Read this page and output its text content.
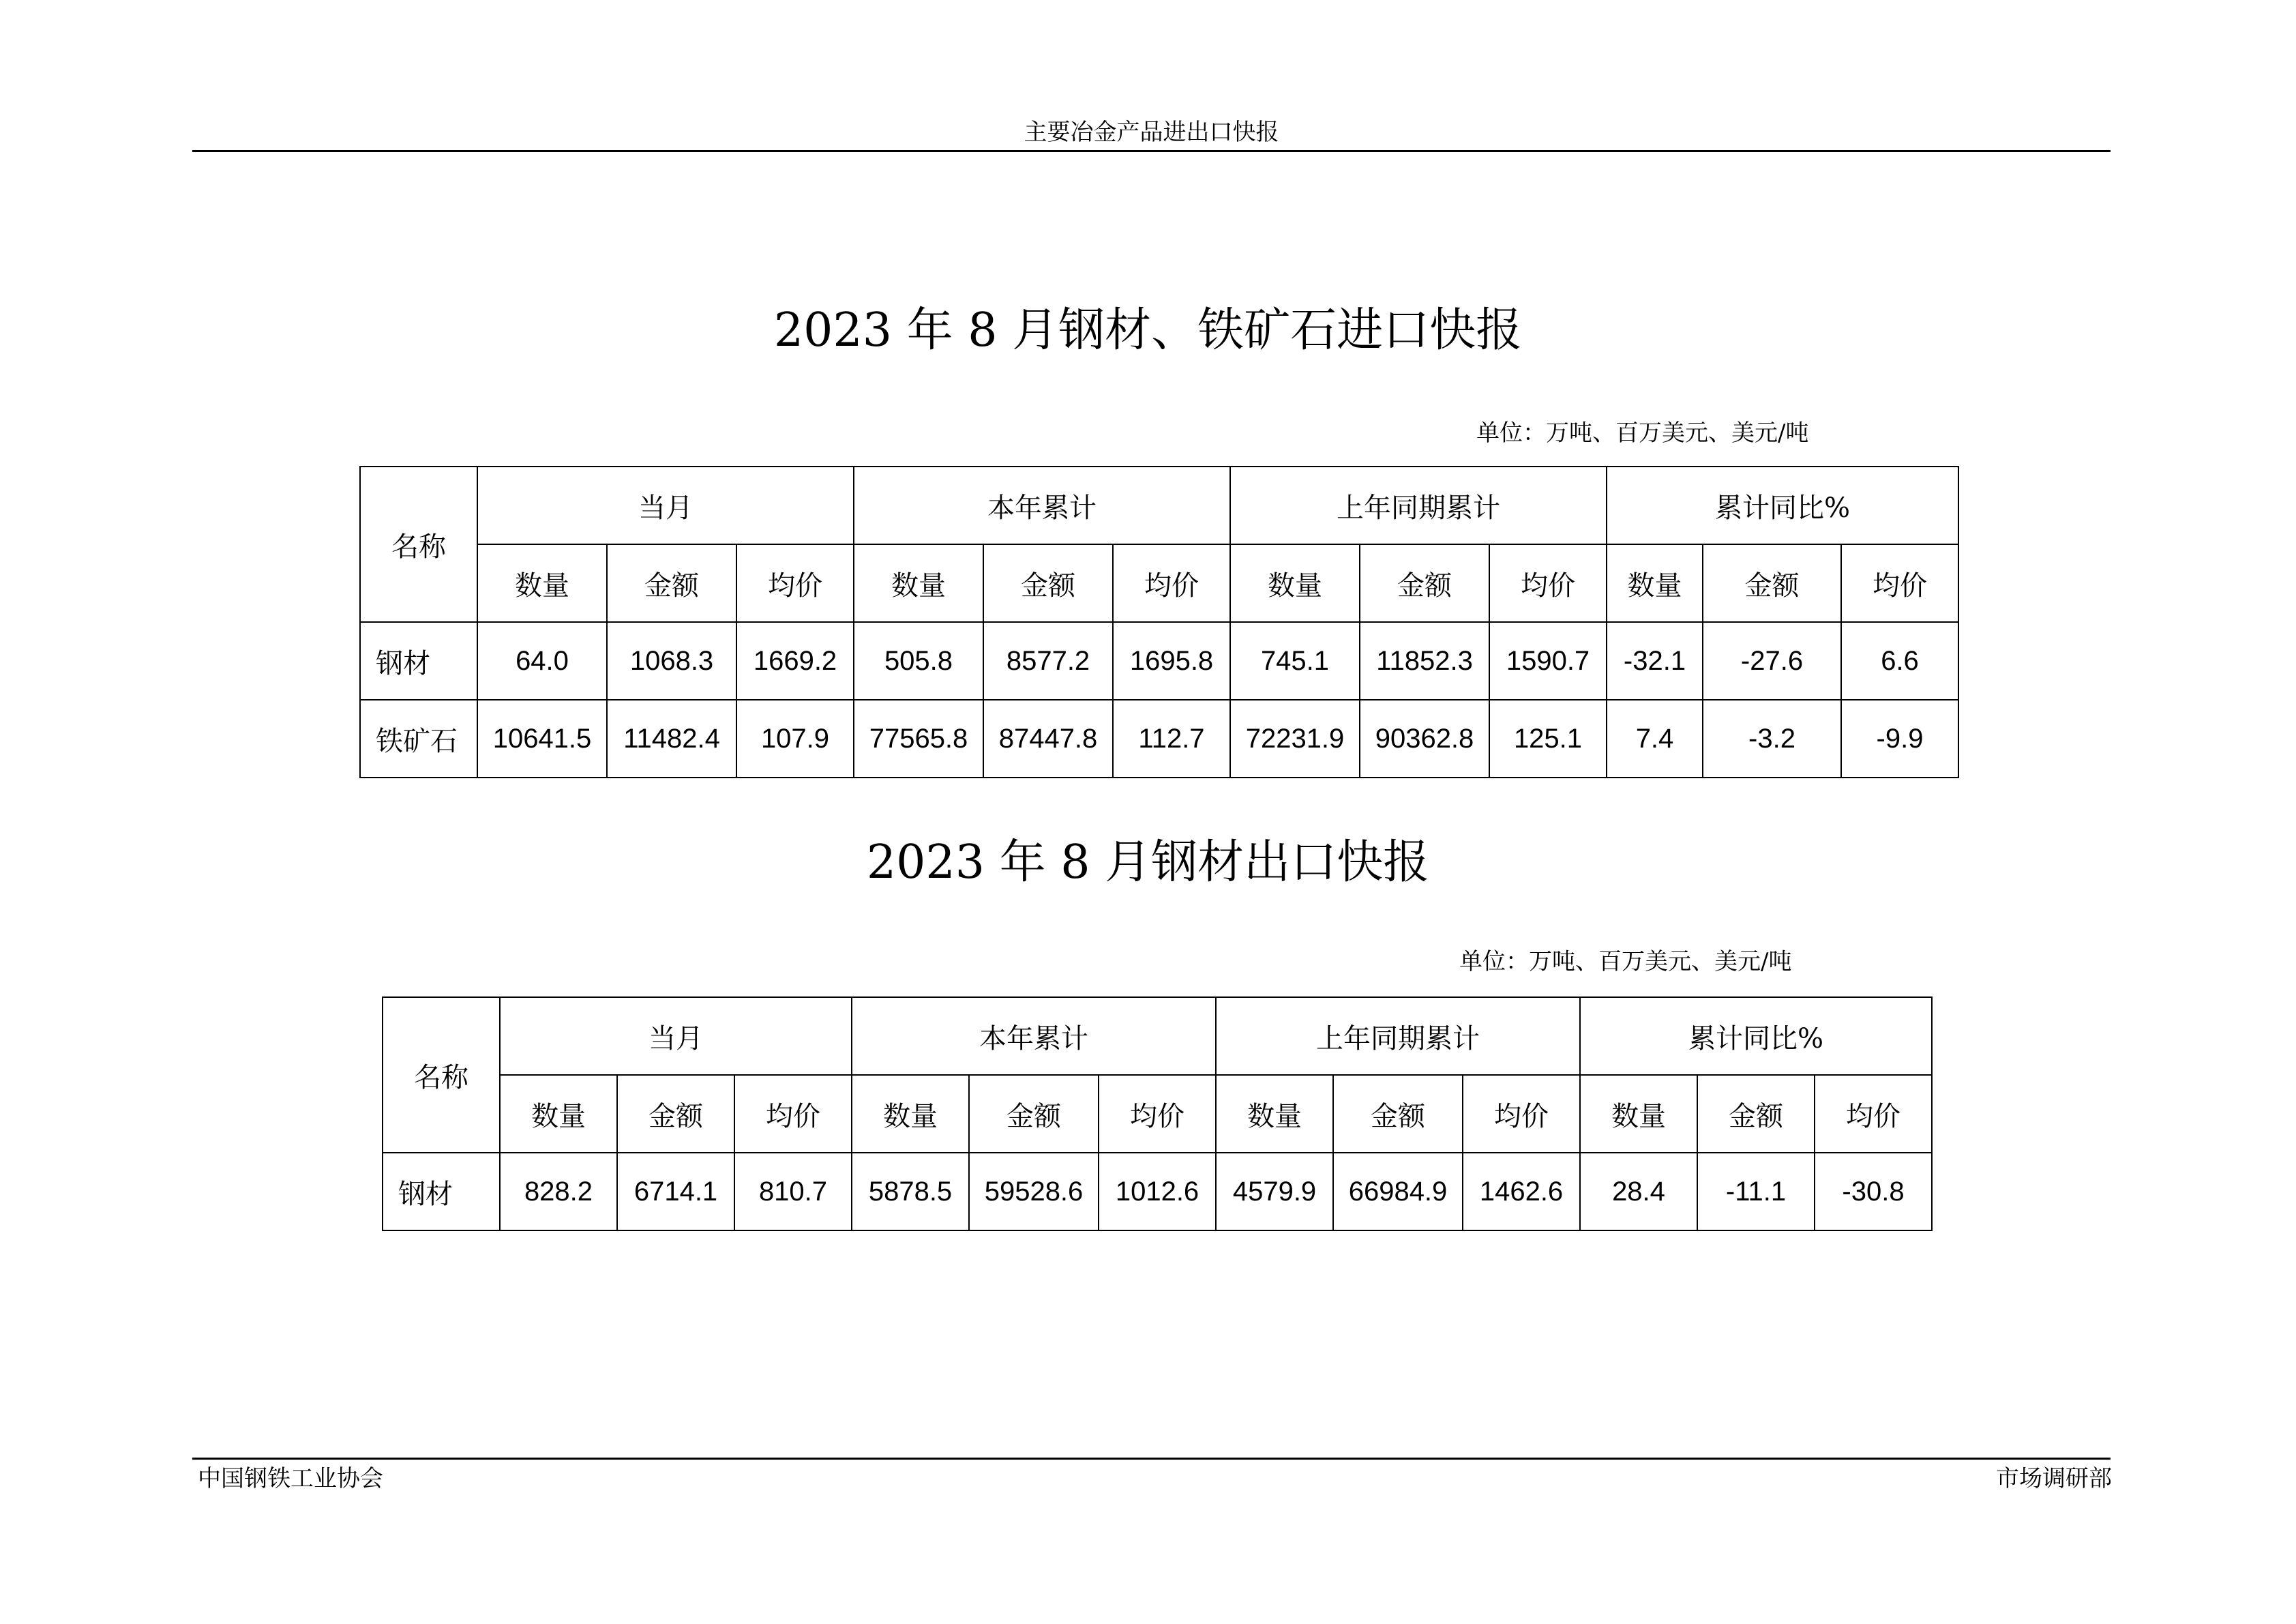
主要冶金产品进出口快报
2023 年 8 月钢材、铁矿石进口快报
单位：万吨、百万美元、美元/吨
名称	当月			本年累计			上年同期累计			累计同比%		
	数量	金额	均价	数量	金额	均价	数量	金额	均价	数量	金额	均价
钢材	64.0	1068.3	1669.2	505.8	8577.2	1695.8	745.1	11852.3	1590.7	-32.1	-27.6	6.6
铁矿石	10641.5	11482.4	107.9	77565.8	87447.8	112.7	72231.9	90362.8	125.1	7.4	-3.2	-9.9
2023 年 8 月钢材出口快报
单位：万吨、百万美元、美元/吨
名称	当月			本年累计			上年同期累计			累计同比%		
	数量	金额	均价	数量	金额	均价	数量	金额	均价	数量	金额	均价
钢材	828.2	6714.1	810.7	5878.5	59528.6	1012.6	4579.9	66984.9	1462.6	28.4	-11.1	-30.8
中国钢铁工业协会	市场调研部
